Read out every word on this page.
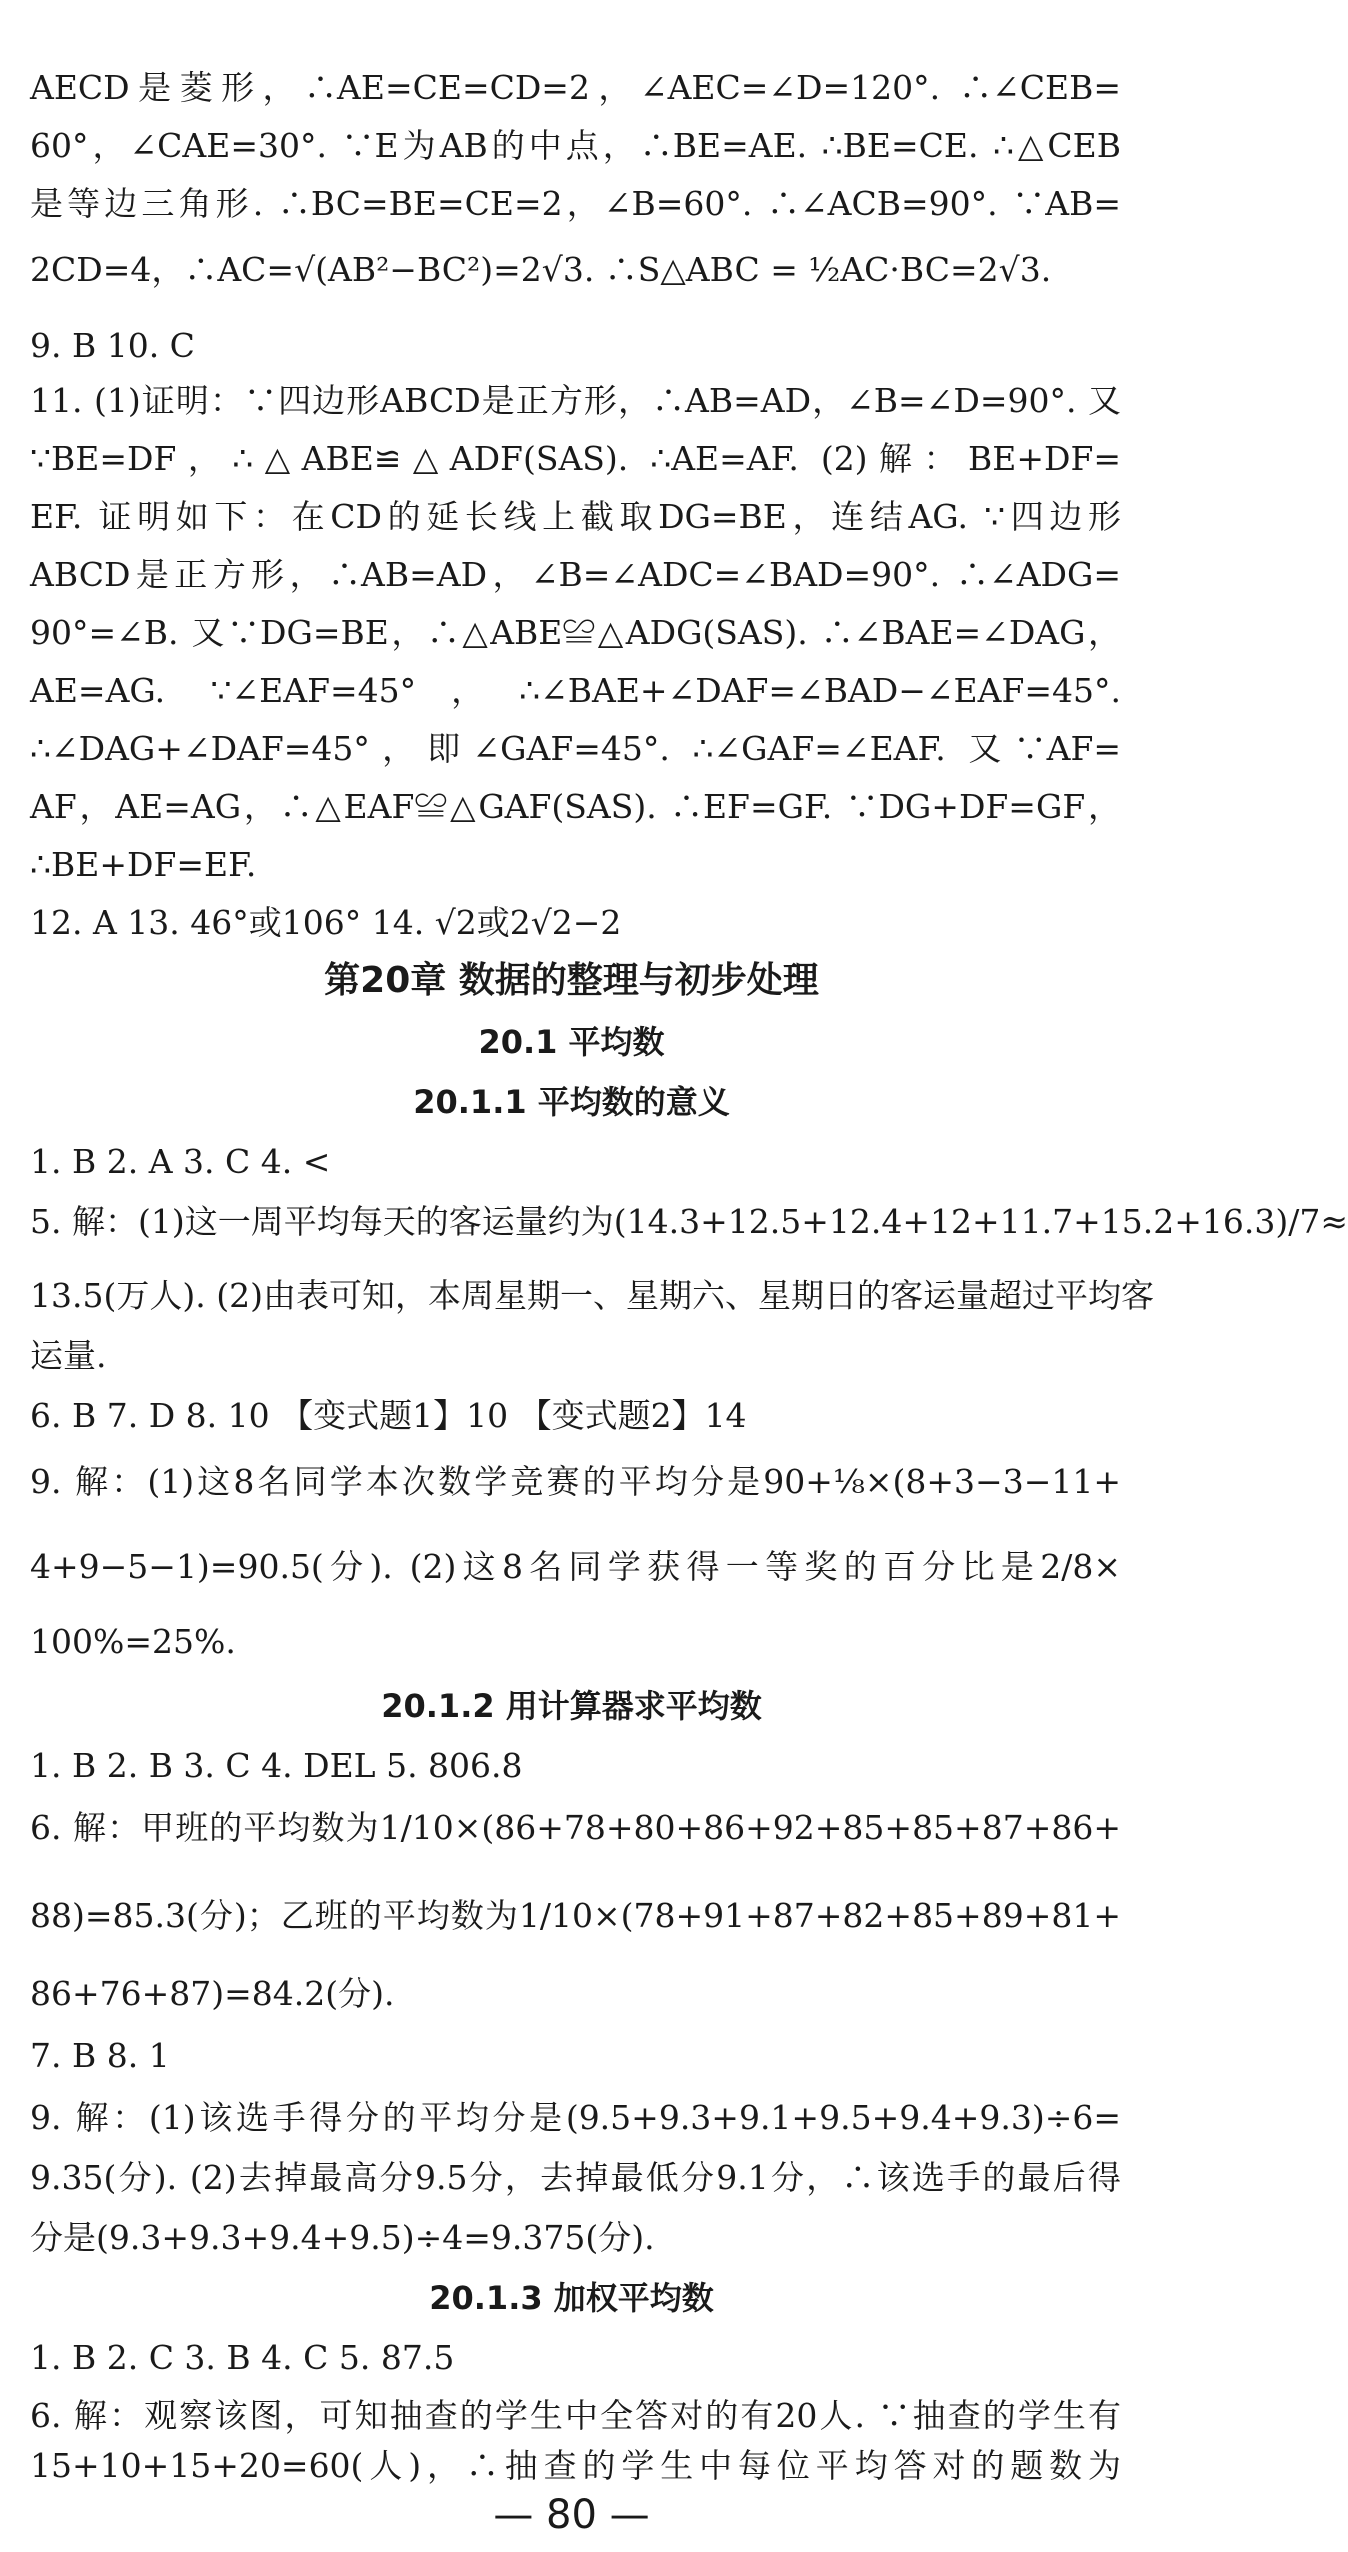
AECD是菱形，∴AE=CE=CD=2，∠AEC=∠D=120°. ∴∠CEB=
60°，∠CAE=30°. ∵E为AB的中点，∴BE=AE. ∴BE=CE. ∴△CEB
是等边三角形. ∴BC=BE=CE=2，∠B=60°. ∴∠ACB=90°. ∵AB=
2CD=4，∴AC=√(AB²−BC²)=2√3. ∴S△ABC = ½AC·BC=2√3.
9. B 10. C
11. (1)证明：∵四边形ABCD是正方形，∴AB=AD，∠B=∠D=90°. 又
∵BE=DF，∴△ABE≌△ADF(SAS). ∴AE=AF. (2)解：BE+DF=
EF. 证明如下：在CD的延长线上截取DG=BE，连结AG. ∵四边形
ABCD是正方形，∴AB=AD，∠B=∠ADC=∠BAD=90°. ∴∠ADG=
90°=∠B. 又∵DG=BE，∴△ABE≌△ADG(SAS). ∴∠BAE=∠DAG，
AE=AG. ∵∠EAF=45°，∴∠BAE+∠DAF=∠BAD−∠EAF=45°.
∴∠DAG+∠DAF=45°，即∠GAF=45°. ∴∠GAF=∠EAF. 又∵AF=
AF，AE=AG，∴△EAF≌△GAF(SAS). ∴EF=GF. ∵DG+DF=GF，
∴BE+DF=EF.
12. A 13. 46°或106° 14. √2或2√2−2
第20章 数据的整理与初步处理
20.1 平均数
20.1.1 平均数的意义
1. B 2. A 3. C 4. <
5. 解：(1)这一周平均每天的客运量约为(14.3+12.5+12.4+12+11.7+15.2+16.3)/7≈
13.5(万人). (2)由表可知，本周星期一、星期六、星期日的客运量超过平均客
运量.
6. B 7. D 8. 10 【变式题1】10 【变式题2】14
9. 解：(1)这8名同学本次数学竞赛的平均分是90+⅛×(8+3−3−11+
4+9−5−1)=90.5(分). (2)这8名同学获得一等奖的百分比是2/8×
100%=25%.
20.1.2 用计算器求平均数
1. B 2. B 3. C 4. DEL 5. 806.8
6. 解：甲班的平均数为1/10×(86+78+80+86+92+85+85+87+86+
88)=85.3(分)；乙班的平均数为1/10×(78+91+87+82+85+89+81+
86+76+87)=84.2(分).
7. B 8. 1
9. 解：(1)该选手得分的平均分是(9.5+9.3+9.1+9.5+9.4+9.3)÷6=
9.35(分). (2)去掉最高分9.5分，去掉最低分9.1分，∴该选手的最后得
分是(9.3+9.3+9.4+9.5)÷4=9.375(分).
20.1.3 加权平均数
1. B 2. C 3. B 4. C 5. 87.5
6. 解：观察该图，可知抽查的学生中全答对的有20人. ∵抽查的学生有
15+10+15+20=60(人)，∴抽查的学生中每位平均答对的题数为
— 80 —
